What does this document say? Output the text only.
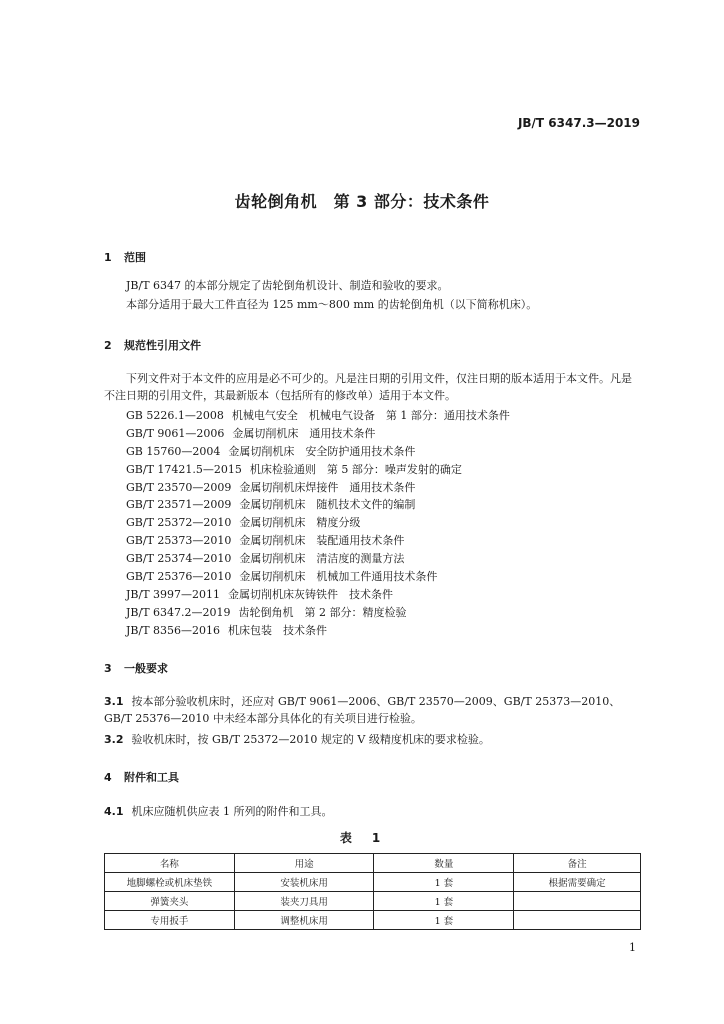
JB/T 6347.3—2019
齿轮倒角机　第 3 部分：技术条件
1 范围
JB/T 6347 的本部分规定了齿轮倒角机设计、制造和验收的要求。
本部分适用于最大工件直径为 125 mm～800 mm 的齿轮倒角机（以下简称机床）。
2 规范性引用文件
下列文件对于本文件的应用是必不可少的。凡是注日期的引用文件，仅注日期的版本适用于本文件。凡是不注日期的引用文件，其最新版本（包括所有的修改单）适用于本文件。
GB 5226.1—2008 机械电气安全　机械电气设备　第 1 部分：通用技术条件
GB/T 9061—2006 金属切削机床　通用技术条件
GB 15760—2004 金属切削机床　安全防护通用技术条件
GB/T 17421.5—2015 机床检验通则　第 5 部分：噪声发射的确定
GB/T 23570—2009 金属切削机床焊接件　通用技术条件
GB/T 23571—2009 金属切削机床　随机技术文件的编制
GB/T 25372—2010 金属切削机床　精度分级
GB/T 25373—2010 金属切削机床　装配通用技术条件
GB/T 25374—2010 金属切削机床　清洁度的测量方法
GB/T 25376—2010 金属切削机床　机械加工件通用技术条件
JB/T 3997—2011 金属切削机床灰铸铁件　技术条件
JB/T 6347.2—2019 齿轮倒角机　第 2 部分：精度检验
JB/T 8356—2016 机床包装　技术条件
3 一般要求
3.1 按本部分验收机床时，还应对 GB/T 9061—2006、GB/T 23570—2009、GB/T 25373—2010、GB/T 25376—2010 中未经本部分具体化的有关项目进行检验。
3.2 验收机床时，按 GB/T 25372—2010 规定的 V 级精度机床的要求检验。
4 附件和工具
4.1 机床应随机供应表 1 所列的附件和工具。
表　1
名称	用途	数量	备注
地脚螺栓或机床垫铁	安装机床用	1 套	根据需要确定
弹簧夹头	装夹刀具用	1 套	
专用扳手	调整机床用	1 套	
1
